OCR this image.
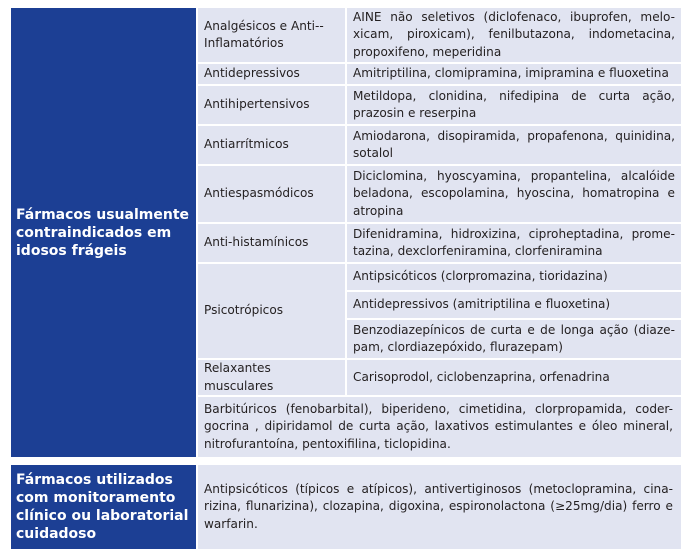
Fármacos usualmente contraindicados em idosos frágeis	Analgésicos e Anti--Inflamatórios	AINE não seletivos (diclofenaco, ibuprofen, melo-xicam, piroxicam), fenilbutazona, indometacina, propoxifeno, meperidina
	Antidepressivos	Amitriptilina, clomipramina, imipramina e fluoxetina
	Antihipertensivos	Metildopa, clonidina, nifedipina de curta ação, prazosin e reserpina
	Antiarrítmicos	Amiodarona, disopiramida, propafenona, quinidina, sotalol
	Antiespasmódicos	Diciclomina, hyoscyamina, propantelina, alcalóide beladona, escopolamina, hyoscina, homatropina e atropina
	Anti-histamínicos	Difenidramina, hidroxizina, ciproheptadina, prome-tazina, dexclorfeniramina, clorfeniramina
	Psicotrópicos	Antipsicóticos (clorpromazina, tioridazina)
		Antidepressivos (amitriptilina e fluoxetina)
		Benzodiazepínicos de curta e de longa ação (diaze-pam, clordiazepóxido, flurazepam)
	Relaxantes musculares	Carisoprodol, ciclobenzaprina, orfenadrina
	Barbitúricos (fenobarbital), biperideno, cimetidina, clorpropamida, coder-gocrina , dipiridamol de curta ação, laxativos estimulantes e óleo mineral, nitrofurantoína, pentoxifilina, ticlopidina.	

Fármacos utilizados com monitoramento clínico ou laboratorial cuidadoso	Antipsicóticos (típicos e atípicos), antivertiginosos (metoclopramina, cina-rizina, flunarizina), clozapina, digoxina, espironolactona (≥25mg/dia) ferro e warfarin.	
